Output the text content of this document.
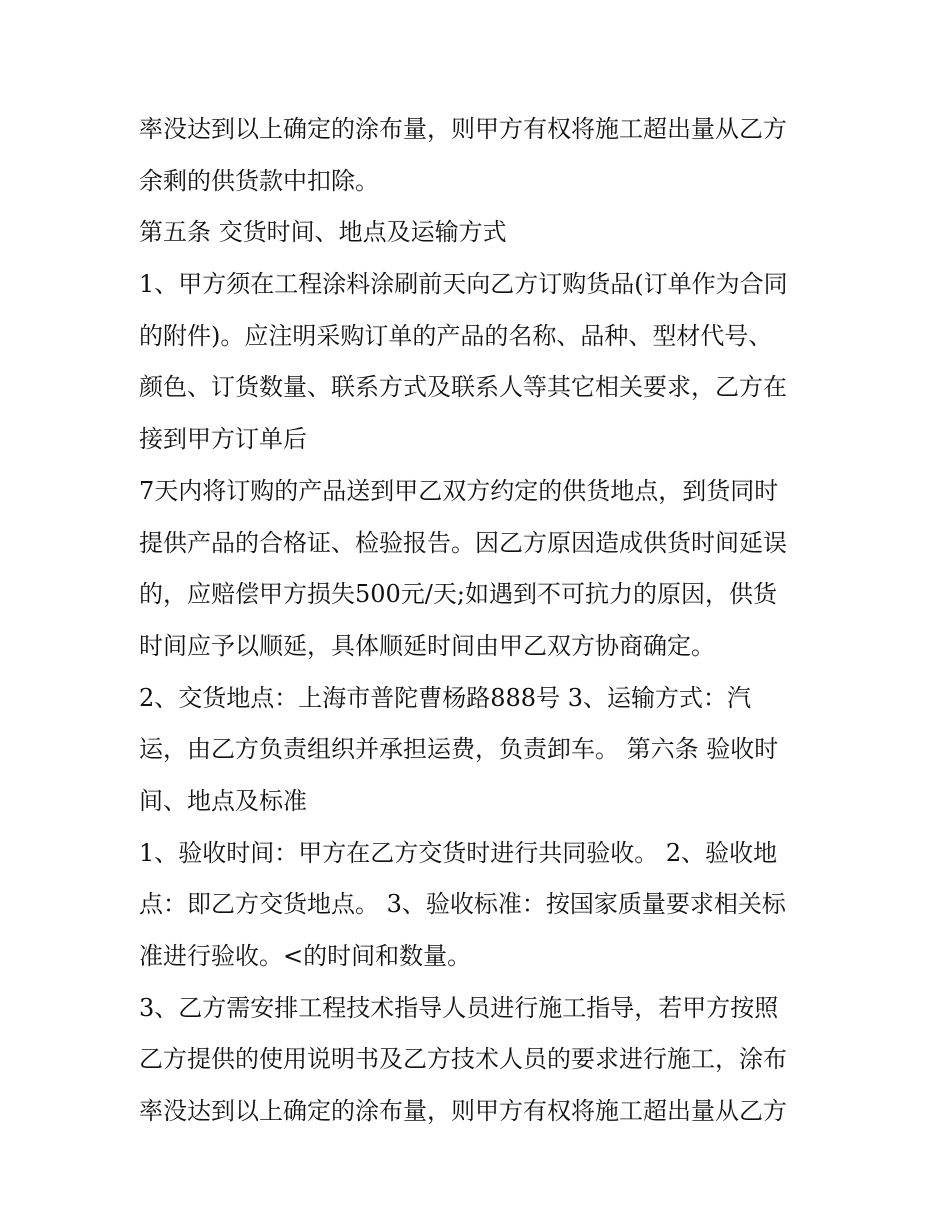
率没达到以上确定的涂布量，则甲方有权将施工超出量从乙方
余剩的供货款中扣除。
第五条 交货时间、地点及运输方式
1、甲方须在工程涂料涂刷前天向乙方订购货品(订单作为合同
的附件)。应注明采购订单的产品的名称、品种、型材代号、
颜色、订货数量、联系方式及联系人等其它相关要求，乙方在
接到甲方订单后
7天内将订购的产品送到甲乙双方约定的供货地点，到货同时
提供产品的合格证、检验报告。因乙方原因造成供货时间延误
的，应赔偿甲方损失500元/天;如遇到不可抗力的原因，供货
时间应予以顺延，具体顺延时间由甲乙双方协商确定。
2、交货地点：上海市普陀曹杨路888号 3、运输方式：汽
运，由乙方负责组织并承担运费，负责卸车。 第六条 验收时
间、地点及标准
1、验收时间：甲方在乙方交货时进行共同验收。 2、验收地
点：即乙方交货地点。 3、验收标准：按国家质量要求相关标
准进行验收。<的时间和数量。
3、乙方需安排工程技术指导人员进行施工指导，若甲方按照
乙方提供的使用说明书及乙方技术人员的要求进行施工，涂布
率没达到以上确定的涂布量，则甲方有权将施工超出量从乙方
